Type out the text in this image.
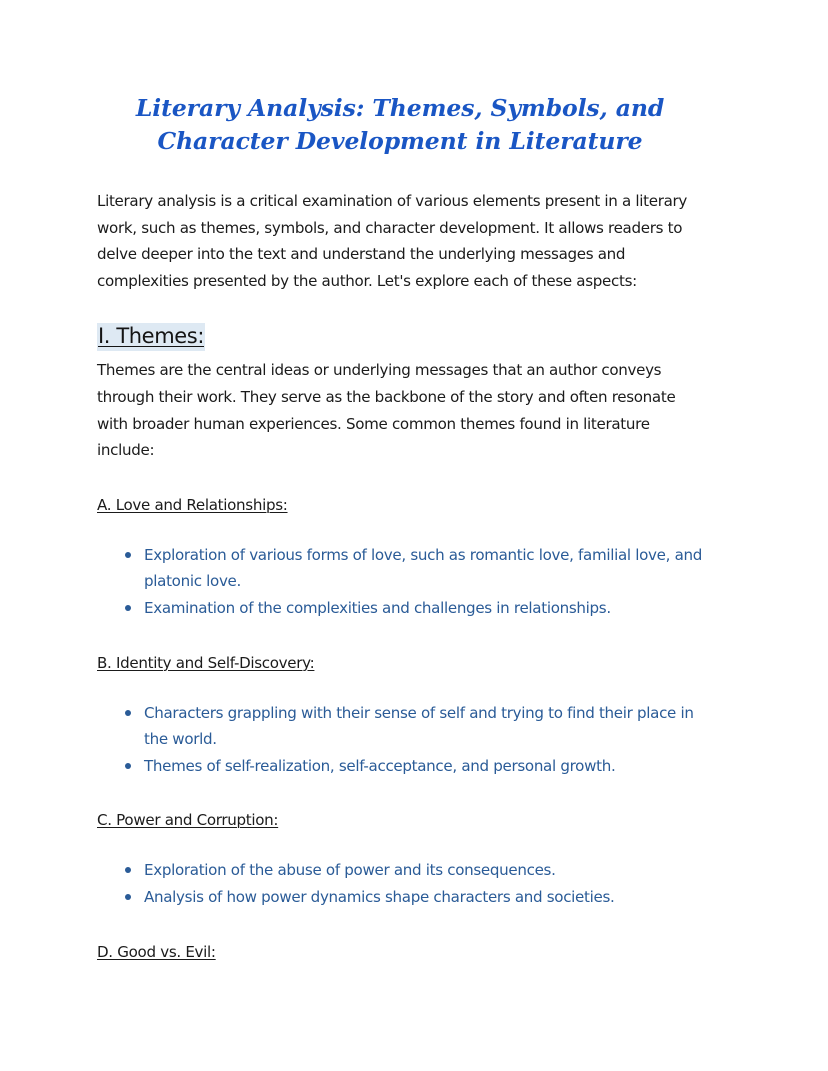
Literary Analysis: Themes, Symbols, and Character Development in Literature

Literary analysis is a critical examination of various elements present in a literary work, such as themes, symbols, and character development. It allows readers to delve deeper into the text and understand the underlying messages and complexities presented by the author. Let's explore each of these aspects:

I. Themes:

Themes are the central ideas or underlying messages that an author conveys through their work. They serve as the backbone of the story and often resonate with broader human experiences. Some common themes found in literature include:

A. Love and Relationships:
Exploration of various forms of love, such as romantic love, familial love, and platonic love.
Examination of the complexities and challenges in relationships.
B. Identity and Self-Discovery:
Characters grappling with their sense of self and trying to find their place in the world.
Themes of self-realization, self-acceptance, and personal growth.
C. Power and Corruption:
Exploration of the abuse of power and its consequences.
Analysis of how power dynamics shape characters and societies.
D. Good vs. Evil:
